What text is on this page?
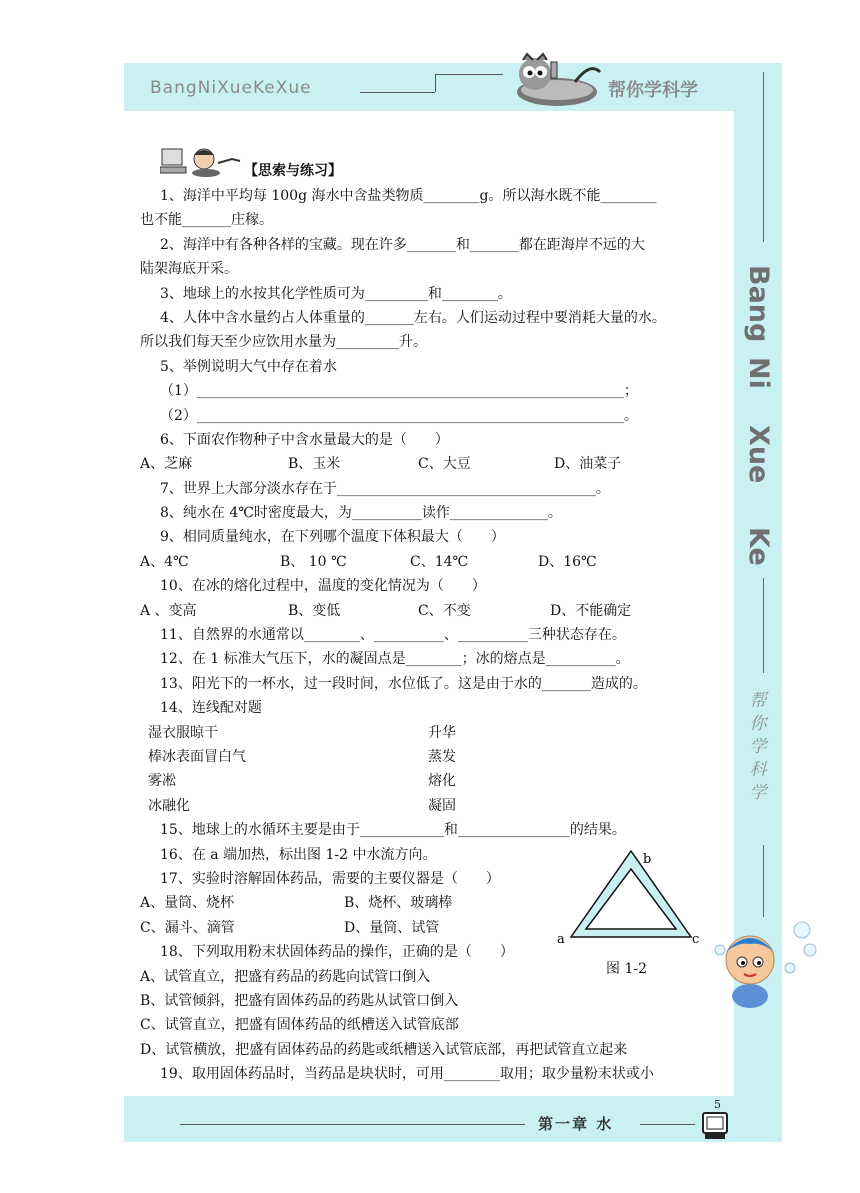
BangNiXueKeXue	帮你学科学
Bang
Ni
Xue
Ke
帮
你
学
科
学
第一章 水
5
【思索与练习】
1、海洋中平均每 100g 海水中含盐类物质________g。所以海水既不能________
也不能_______庄稼。
2、海洋中有各种各样的宝藏。现在许多_______和_______都在距海岸不远的大
陆架海底开采。
3、地球上的水按其化学性质可为_________和________。
4、人体中含水量约占人体重量的_______左右。人们运动过程中要消耗大量的水。
所以我们每天至少应饮用水量为_________升。
5、举例说明大气中存在着水
（1）_____________________________________________________________；
（2）_____________________________________________________________。
6、下面农作物种子中含水量最大的是（　　）
A、芝麻	B、玉米	C、大豆	D、油菜子
7、世界上大部分淡水存在于_____________________________________。
8、纯水在 4℃时密度最大，为__________读作______________。
9、相同质量纯水，在下列哪个温度下体积最大（　　）
A、4℃	B、 10 ℃	C、14℃	D、16℃
10、在冰的熔化过程中，温度的变化情况为（　　）
A 、变高	B、变低	C、不变	D、不能确定
11、自然界的水通常以________、__________、__________三种状态存在。
12、在 1 标准大气压下，水的凝固点是________；冰的熔点是__________。
13、阳光下的一杯水，过一段时间，水位低了。这是由于水的_______造成的。
14、连线配对题
湿衣服晾干	升华
棒冰表面冒白气	蒸发
雾凇	熔化
冰融化	凝固
15、地球上的水循环主要是由于____________和________________的结果。
16、在 a 端加热，标出图 1-2 中水流方向。
17、实验时溶解固体药品，需要的主要仪器是（　　）
A、量筒、烧杯	B、烧杯、玻璃棒
C、漏斗、滴管	D、量筒、试管
18、下列取用粉末状固体药品的操作，正确的是（　　）
A、试管直立，把盛有药品的药匙向试管口倒入
B、试管倾斜，把盛有固体药品的药匙从试管口倒入
C、试管直立，把盛有固体药品的纸槽送入试管底部
D、试管横放，把盛有固体药品的药匙或纸槽送入试管底部，再把试管直立起来
19、取用固体药品时，当药品是块状时，可用________取用；取少量粉末状或小
b
a	c
图 1-2
